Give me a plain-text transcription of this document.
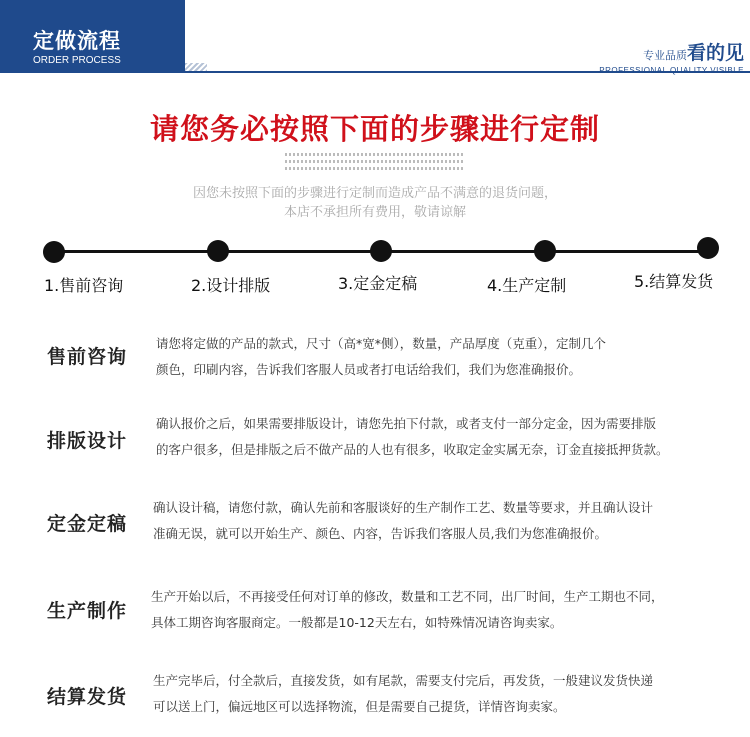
定做流程
ORDER PROCESS	专业品质看的见
PROFESSIONAL QUALITY VISIBLE
请您务必按照下面的步骤进行定制
因您未按照下面的步骤进行定制而造成产品不满意的退货问题，
本店不承担所有费用，敬请谅解
1.售前咨询	2.设计排版	3.定金定稿	4.生产定制	5.结算发货
售前咨询
请您将定做的产品的款式，尺寸（高*宽*侧），数量，产品厚度（克重），定制几个
颜色，印刷内容，告诉我们客服人员或者打电话给我们，我们为您准确报价。
排版设计
确认报价之后，如果需要排版设计，请您先拍下付款，或者支付一部分定金，因为需要排版
的客户很多，但是排版之后不做产品的人也有很多，收取定金实属无奈，订金直接抵押货款。
定金定稿
确认设计稿，请您付款，确认先前和客服谈好的生产制作工艺、数量等要求，并且确认设计
准确无误，就可以开始生产、颜色、内容，告诉我们客服人员,我们为您准确报价。
生产制作
生产开始以后，不再接受任何对订单的修改，数量和工艺不同，出厂时间，生产工期也不同，
具体工期咨询客服商定。一般都是10-12天左右，如特殊情况请咨询卖家。
结算发货
生产完毕后，付全款后，直接发货，如有尾款，需要支付完后，再发货，一般建议发货快递
可以送上门，偏远地区可以选择物流，但是需要自己提货，详情咨询卖家。
